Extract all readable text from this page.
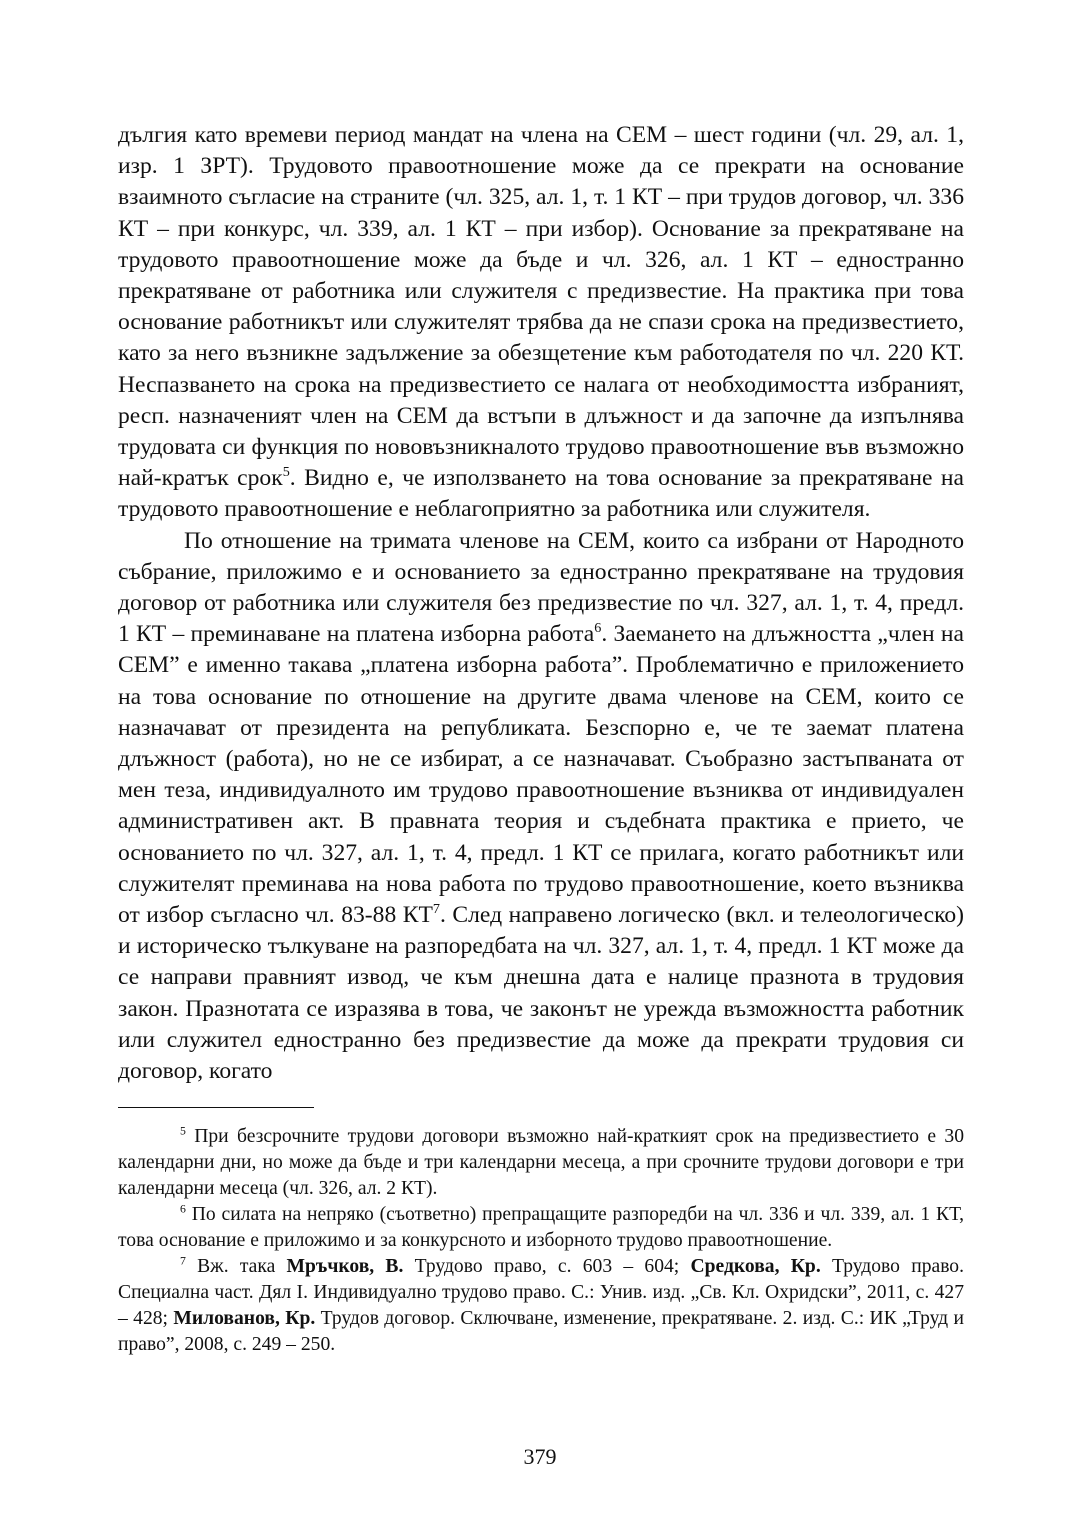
дългия като времеви период мандат на члена на СЕМ – шест години (чл. 29, ал. 1, изр. 1 ЗРТ). Трудовото правоотношение може да се прекрати на основание взаимното съгласие на страните (чл. 325, ал. 1, т. 1 КТ – при трудов договор, чл. 336 КТ – при конкурс, чл. 339, ал. 1 КТ – при избор). Основание за прекратяване на трудовото правоотношение може да бъде и чл. 326, ал. 1 КТ – едностранно прекратяване от работника или служителя с предизвестие. На практика при това основание работникът или служителят трябва да не спази срока на предизвестието, като за него възникне задължение за обезщетение към работодателя по чл. 220 КТ. Неспазването на срока на предизвестието се налага от необходимостта избраният, респ. назначеният член на СЕМ да встъпи в длъжност и да започне да изпълнява трудовата си функция по нововъзникналото трудово правоотношение във възможно най-кратък срок$^5$. Видно е, че използването на това основание за прекратяване на трудовото правоотношение е неблагоприятно за работника или служителя.

По отношение на тримата членове на СЕМ, които са избрани от Народното събрание, приложимо е и основанието за едностранно прекратяване на трудовия договор от работника или служителя без предизвестие по чл. 327, ал. 1, т. 4, предл. 1 КТ – преминаване на платена изборна работа$^6$. Заемането на длъжността „член на СЕМ” е именно такава „платена изборна работа”. Проблематично е приложението на това основание по отношение на другите двама членове на СЕМ, които се назначават от президента на републиката. Безспорно е, че те заемат платена длъжност (работа), но не се избират, а се назначават. Съобразно застъпваната от мен теза, индивидуалното им трудово правоотношение възниква от индивидуален административен акт. В правната теория и съдебната практика е прието, че основанието по чл. 327, ал. 1, т. 4, предл. 1 КТ се прилага, когато работникът или служителят преминава на нова работа по трудово правоотношение, което възниква от избор съгласно чл. 83-88 $КТ^7$. След направено логическо (вкл. и телеологическо) и историческо тълкуване на разпоредбата на чл. 327, ал. 1, т. 4, предл. 1 КТ може да се направи правният извод, че към днешна дата е налице празнота в трудовия закон. Празнотата се изразява в това, че законът не урежда възможността работник или служител едностранно без предизвестие да може да прекрати трудовия си договор, когато

$^5$ При безсрочните трудови договори възможно най-краткият срок на предизвестието е 30 календарни дни, но може да бъде и три календарни месеца, а при срочните трудови договори е три календарни месеца (чл. 326, ал. 2 КТ).

$^6$ По силата на непряко (съответно) препращащите разпоредби на чл. 336 и чл. 339, ал. 1 КТ, това основание е приложимо и за конкурсното и изборното трудово правоотношение.

$^7$ Вж. така Мръчков, В. Трудово право, с. 603 – 604; Средкова, Кр. Трудово право. Специална част. Дял I. Индивидуално трудово право. С.: Унив. изд. „Св. Кл. Охридски”, 2011, с. 427 – 428; Милованов, Кр. Трудов договор. Сключване, изменение, прекратяване. 2. изд. С.: ИК „Труд и право”, 2008, с. 249 – 250.

379
